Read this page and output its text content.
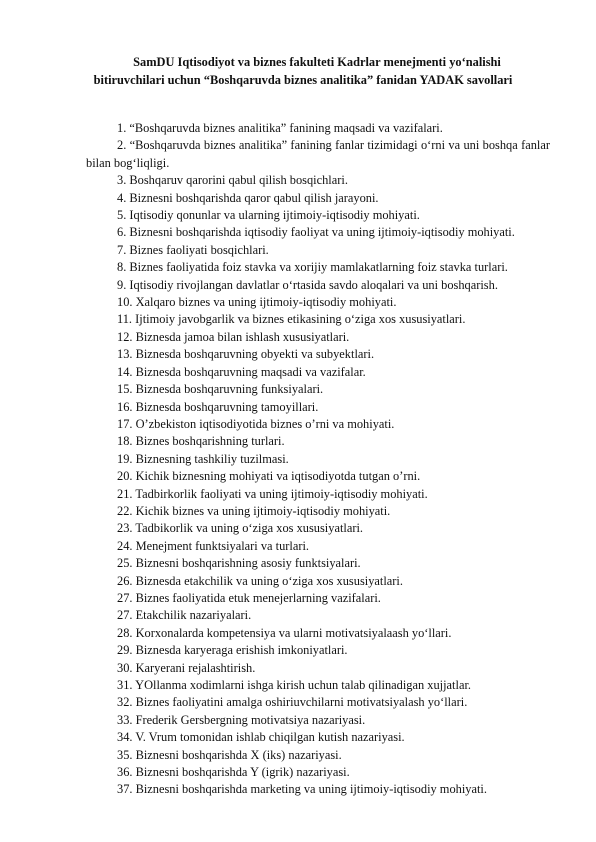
SamDU Iqtisodiyot va biznes fakulteti Kadrlar menejmenti yo‘nalishi bitiruvchilari uchun “Boshqaruvda biznes analitika” fanidan YADAK savollari
1. “Boshqaruvda biznes analitika” fanining maqsadi va vazifalari.
2. “Boshqaruvda biznes analitika” fanining fanlar tizimidagi o‘rni va uni boshqa fanlar bilan bog‘liqligi.
3. Boshqaruv qarorini qabul qilish bosqichlari.
4. Biznesni boshqarishda qaror qabul qilish jarayoni.
5. Iqtisodiy qonunlar va ularning ijtimoiy-iqtisodiy mohiyati.
6. Biznesni boshqarishda iqtisodiy faoliyat va uning ijtimoiy-iqtisodiy mohiyati.
7. Biznes faoliyati bosqichlari.
8. Biznes faoliyatida foiz stavka va xorijiy mamlakatlarning foiz stavka turlari.
9. Iqtisodiy rivojlangan davlatlar o‘rtasida savdo aloqalari va uni boshqarish.
10. Xalqaro biznes va uning ijtimoiy-iqtisodiy mohiyati.
11. Ijtimoiy javobgarlik va biznes etikasining o‘ziga xos xususiyatlari.
12. Biznesda jamoa bilan ishlash xususiyatlari.
13. Biznesda boshqaruvning obyekti va subyektlari.
14. Biznesda boshqaruvning maqsadi va vazifalar.
15. Biznesda boshqaruvning funksiyalari.
16. Biznesda boshqaruvning tamoyillari.
17. O’zbekiston iqtisodiyotida biznes o’rni va mohiyati.
18. Biznes boshqarishning turlari.
19. Biznesning tashkiliy tuzilmasi.
20. Kichik biznesning mohiyati va iqtisodiyotda tutgan o’rni.
21. Tadbirkorlik faoliyati va uning ijtimoiy-iqtisodiy mohiyati.
22. Kichik biznes va uning ijtimoiy-iqtisodiy mohiyati.
23. Tadbikorlik va uning o‘ziga xos xususiyatlari.
24. Menejment funktsiyalari va turlari.
25. Biznesni boshqarishning asosiy funktsiyalari.
26. Biznesda etakchilik va uning o‘ziga xos xususiyatlari.
27. Biznes faoliyatida etuk menejerlarning vazifalari.
27. Etakchilik nazariyalari.
28. Korxonalarda kompetensiya va ularni motivatsiyalaash yo‘llari.
29. Biznesda karyeraga erishish imkoniyatlari.
30. Karyerani rejalashtirish.
31. YOllanma xodimlarni ishga kirish uchun talab qilinadigan xujjatlar.
32. Biznes faoliyatini amalga oshiriuvchilarni motivatsiyalash yo‘llari.
33. Frederik Gersbergning motivatsiya nazariyasi.
34. V. Vrum tomonidan ishlab chiqilgan kutish nazariyasi.
35. Biznesni boshqarishda X (iks) nazariyasi.
36. Biznesni boshqarishda Y (igrik) nazariyasi.
37. Biznesni boshqarishda marketing va uning ijtimoiy-iqtisodiy mohiyati.
